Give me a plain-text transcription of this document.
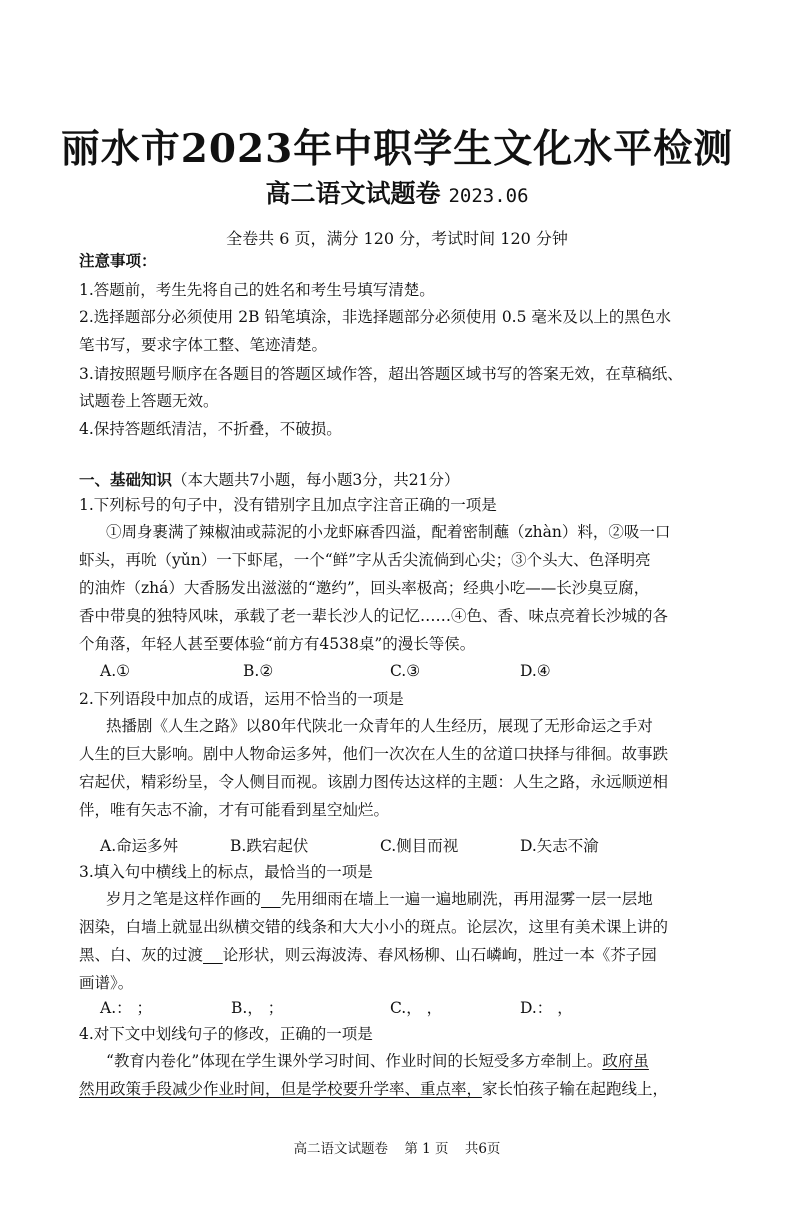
丽水市2023年中职学生文化水平检测
高二语文试题卷 2023.06
全卷共 6 页，满分 120 分，考试时间 120 分钟
注意事项：
1.答题前，考生先将自己的姓名和考生号填写清楚。
2.选择题部分必须使用 2B 铅笔填涂，非选择题部分必须使用 0.5 毫米及以上的黑色水
笔书写，要求字体工整、笔迹清楚。
3.请按照题号顺序在各题目的答题区域作答，超出答题区域书写的答案无效，在草稿纸、
试题卷上答题无效。
4.保持答题纸清洁，不折叠，不破损。
一、基础知识（本大题共7小题，每小题3分，共21分）
1.下列标号的句子中，没有错别字且加点字注音正确的一项是
①周身裹满了辣椒油或蒜泥的小龙虾麻香四溢，配着密制蘸（zhàn）料，②吸一口
虾头，再吮（yǔn）一下虾尾，一个“鲜”字从舌尖流倘到心尖；③个头大、色泽明亮
的油炸（zhá）大香肠发出滋滋的“邀约”，回头率极高；经典小吃——长沙臭豆腐，
香中带臭的独特风味，承载了老一辈长沙人的记忆……④色、香、味点亮着长沙城的各
个角落，年轻人甚至要体验“前方有4538桌”的漫长等侯。
A.①	B.②	C.③	D.④
2.下列语段中加点的成语，运用不恰当的一项是
热播剧《人生之路》以80年代陕北一众青年的人生经历，展现了无形命运之手对
人生的巨大影响。剧中人物命运多舛，他们一次次在人生的岔道口抉择与徘徊。故事跌
宕起伏，精彩纷呈，令人侧目而视。该剧力图传达这样的主题：人生之路，永远顺逆相
伴，唯有矢志不渝，才有可能看到星空灿烂。
A.命运多舛	B.跌宕起伏	C.侧目而视	D.矢志不渝
3.填入句中横线上的标点，最恰当的一项是
岁月之笔是这样作画的 先用细雨在墙上一遍一遍地刷洗，再用湿雾一层一层地
洇染，白墙上就显出纵横交错的线条和大大小小的斑点。论层次，这里有美术课上讲的
黑、白、灰的过渡 论形状，则云海波涛、春风杨柳、山石嶙峋，胜过一本《芥子园
画谱》。
A.： ；	B.， ；	C.， ，	D.： ，
4.对下文中划线句子的修改，正确的一项是
“教育内卷化”体现在学生课外学习时间、作业时间的长短受多方牵制上。政府虽
然用政策手段减少作业时间，但是学校要升学率、重点率，家长怕孩子输在起跑线上，
高二语文试题卷 第 1 页 共6页
